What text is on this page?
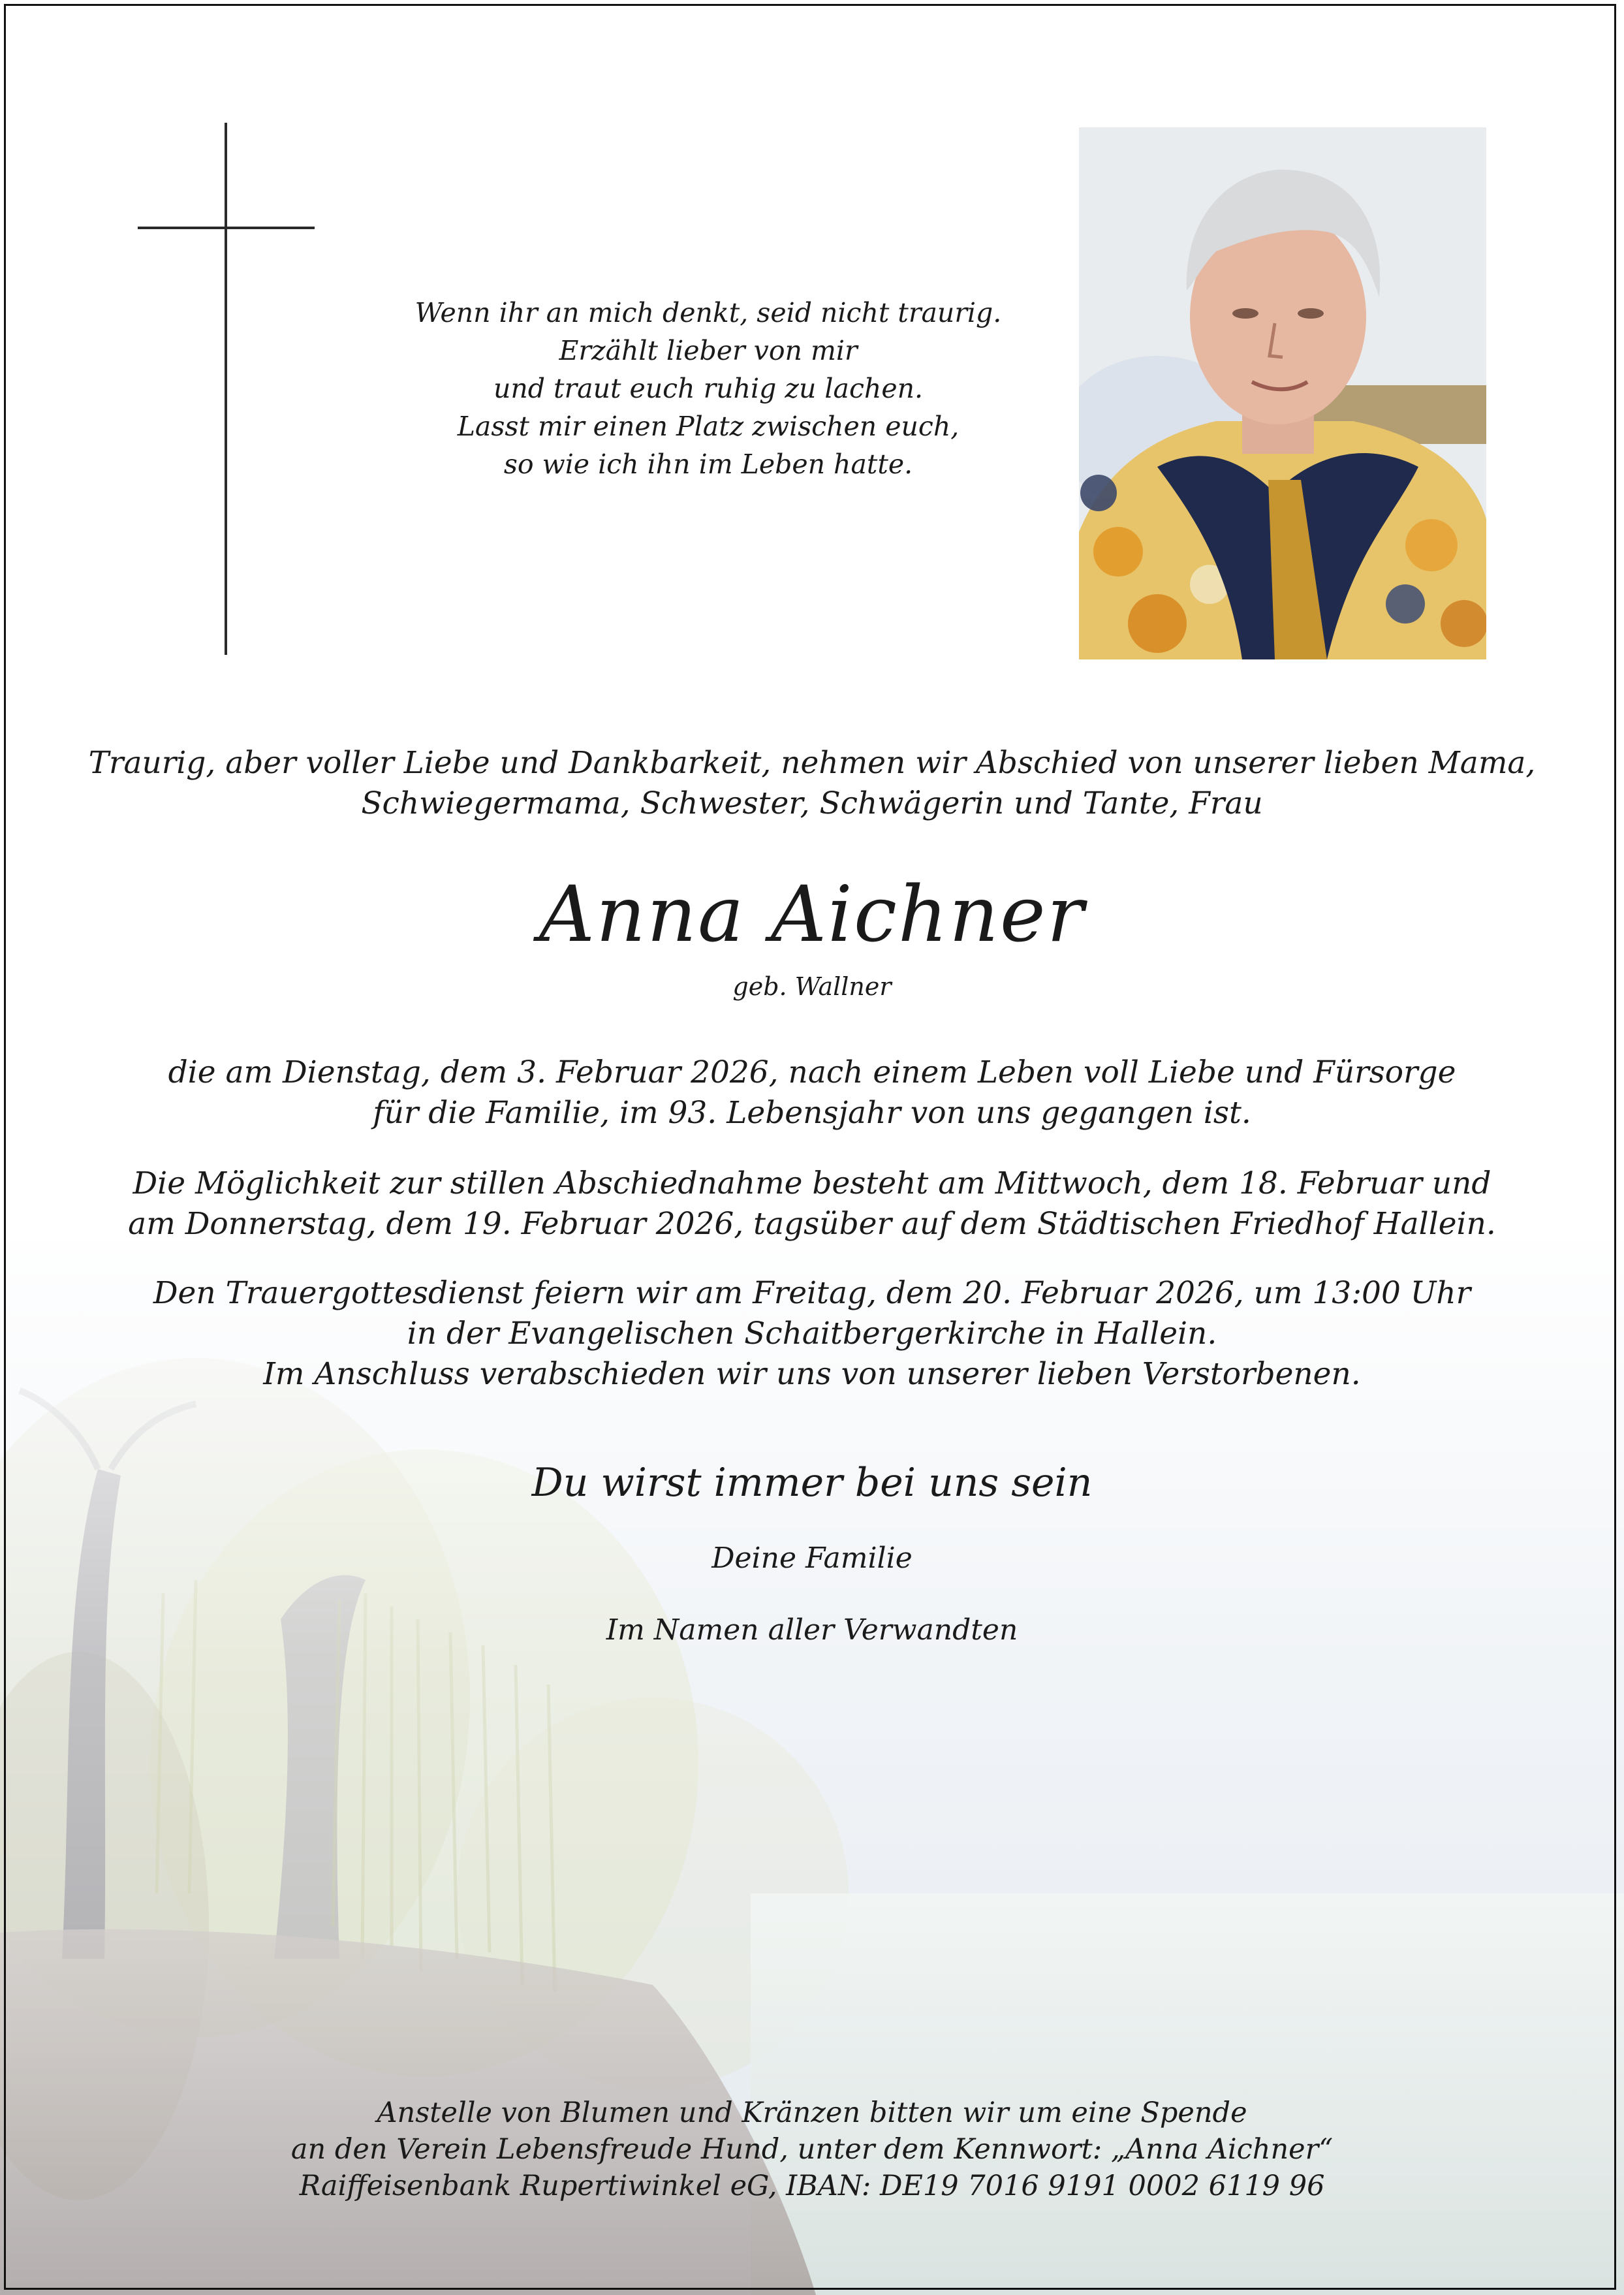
Wenn ihr an mich denkt, seid nicht traurig.
Erzählt lieber von mir
und traut euch ruhig zu lachen.
Lasst mir einen Platz zwischen euch,
so wie ich ihn im Leben hatte.
Traurig, aber voller Liebe und Dankbarkeit, nehmen wir Abschied von unserer lieben Mama,
Schwiegermama, Schwester, Schwägerin und Tante, Frau
Anna Aichner
geb. Wallner
die am Dienstag, dem 3. Februar 2026, nach einem Leben voll Liebe und Fürsorge
für die Familie, im 93. Lebensjahr von uns gegangen ist.
Die Möglichkeit zur stillen Abschiednahme besteht am Mittwoch, dem 18. Februar und
am Donnerstag, dem 19. Februar 2026, tagsüber auf dem Städtischen Friedhof Hallein.
Den Trauergottesdienst feiern wir am Freitag, dem 20. Februar 2026, um 13:00 Uhr
in der Evangelischen Schaitbergerkirche in Hallein.
Im Anschluss verabschieden wir uns von unserer lieben Verstorbenen.
Du wirst immer bei uns sein
Deine Familie
Im Namen aller Verwandten
Anstelle von Blumen und Kränzen bitten wir um eine Spende
an den Verein Lebensfreude Hund, unter dem Kennwort: „Anna Aichner“
Raiffeisenbank Rupertiwinkel eG, IBAN: DE19 7016 9191 0002 6119 96
